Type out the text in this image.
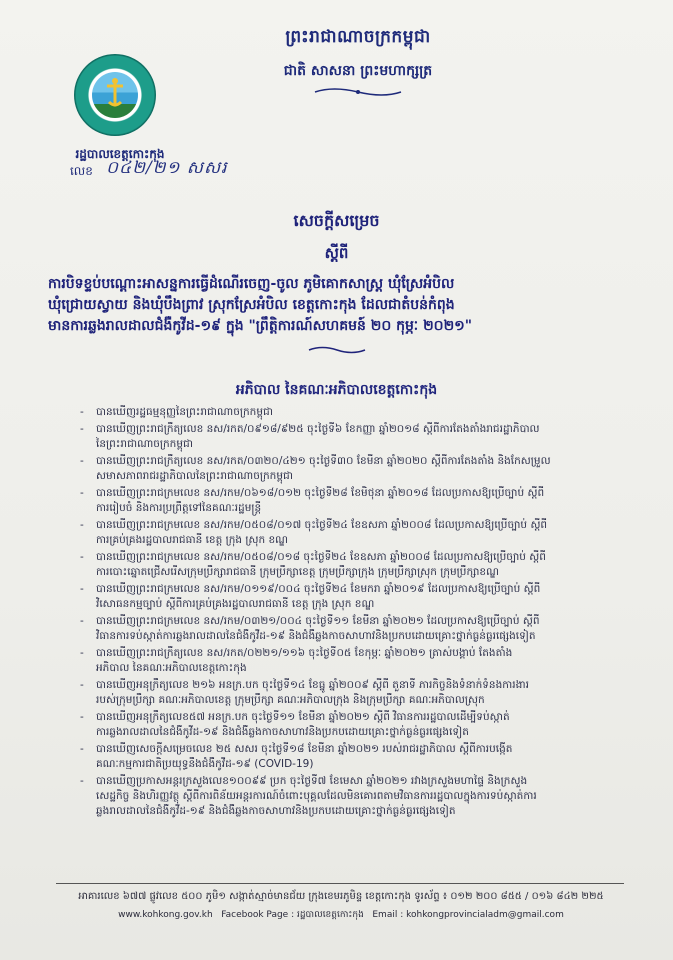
ព្រះរាជាណាចក្រកម្ពុជា
ជាតិ សាសនា ព្រះមហាក្សត្រ
រដ្ឋបាលខេត្តកោះកុង
លេខ ០៤២/២១ សសរ
សេចក្ដីសម្រេច
ស្ដីពី
ការបិទខ្ទប់បណ្ដោះអាសន្នការធ្វើដំណើរចេញ-ចូល ភូមិគោកសាស្ត្រ ឃុំស្រែអំបិល
ឃុំជ្រោយស្វាយ និងឃុំបឹងព្រាវ ស្រុកស្រែអំបិល ខេត្តកោះកុង ដែលជាតំបន់កំពុង
មានការឆ្លងរាលដាលជំងឺកូវីដ-១៩ ក្នុង "ព្រឹត្តិការណ៍សហគមន៍ ២០ កុម្ភៈ ២០២១"
អភិបាល នៃគណៈអភិបាលខេត្តកោះកុង
- បានឃើញរដ្ឋធម្មនុញ្ញនៃព្រះរាជាណាចក្រកម្ពុជា
- បានឃើញព្រះរាជក្រឹត្យលេខ នស/រកត/០៩១៨/៩២៥ ចុះថ្ងៃទី៦ ខែកញ្ញា ឆ្នាំ២០១៨ ស្ដីពីការតែងតាំងរាជរដ្ឋាភិបាល
នៃព្រះរាជាណាចក្រកម្ពុជា
- បានឃើញព្រះរាជក្រឹត្យលេខ នស/រកត/០៣២០/៤២១ ចុះថ្ងៃទី៣០ ខែមីនា ឆ្នាំ២០២០ ស្ដីពីការតែងតាំង និងកែសម្រួល
សមាសភាពរាជរដ្ឋាភិបាលនៃព្រះរាជាណាចក្រកម្ពុជា
- បានឃើញព្រះរាជក្រមលេខ នស/រកម/០៦១៨/០១២ ចុះថ្ងៃទី២៨ ខែមិថុនា ឆ្នាំ២០១៨ ដែលប្រកាសឱ្យប្រើច្បាប់ ស្ដីពី
ការរៀបចំ និងការប្រព្រឹត្តទៅនៃគណៈរដ្ឋមន្ត្រី
- បានឃើញព្រះរាជក្រមលេខ នស/រកម/០៥០៨/០១៧ ចុះថ្ងៃទី២៤ ខែឧសភា ឆ្នាំ២០០៨ ដែលប្រកាសឱ្យប្រើច្បាប់ ស្ដីពី
ការគ្រប់គ្រងរដ្ឋបាលរាជធានី ខេត្ត ក្រុង ស្រុក ខណ្ឌ
- បានឃើញព្រះរាជក្រមលេខ នស/រកម/០៥០៨/០១៨ ចុះថ្ងៃទី២៤ ខែឧសភា ឆ្នាំ២០០៨ ដែលប្រកាសឱ្យប្រើច្បាប់ ស្ដីពី
ការបោះឆ្នោតជ្រើសរើសក្រុមប្រឹក្សារាជធានី ក្រុមប្រឹក្សាខេត្ត ក្រុមប្រឹក្សាក្រុង ក្រុមប្រឹក្សាស្រុក ក្រុមប្រឹក្សាខណ្ឌ
- បានឃើញព្រះរាជក្រមលេខ នស/រកម/០១១៩/០០៤ ចុះថ្ងៃទី២៤ ខែមករា ឆ្នាំ២០១៩ ដែលប្រកាសឱ្យប្រើច្បាប់ ស្ដីពី
វិសោធនកម្មច្បាប់ ស្ដីពីការគ្រប់គ្រងរដ្ឋបាលរាជធានី ខេត្ត ក្រុង ស្រុក ខណ្ឌ
- បានឃើញព្រះរាជក្រមលេខ នស/រកម/០៣២១/០០៤ ចុះថ្ងៃទី១១ ខែមីនា ឆ្នាំ២០២១ ដែលប្រកាសឱ្យប្រើច្បាប់ ស្ដីពី
វិធានការទប់ស្កាត់ការឆ្លងរាលដាលនៃជំងឺកូវីដ-១៩ និងជំងឺឆ្លងកាចសាហាវនិងប្រកបដោយគ្រោះថ្នាក់ធ្ងន់ធ្ងរផ្សេងទៀត
- បានឃើញព្រះរាជក្រឹត្យលេខ នស/រកត/០២២១/១១៦ ចុះថ្ងៃទី០៥ ខែកុម្ភៈ ឆ្នាំ២០២១ ត្រាស់បង្គាប់ តែងតាំង
អភិបាល នៃគណៈអភិបាលខេត្តកោះកុង
- បានឃើញអនុក្រឹត្យលេខ ២១៦ អនក្រ.បក ចុះថ្ងៃទី១៤ ខែធ្នូ ឆ្នាំ២០០៩ ស្ដីពី តួនាទី ភារកិច្ចនិងទំនាក់ទំនងការងារ
របស់ក្រុមប្រឹក្សា គណៈអភិបាលខេត្ត ក្រុមប្រឹក្សា គណៈអភិបាលក្រុង និងក្រុមប្រឹក្សា គណៈអភិបាលស្រុក
- បានឃើញអនុក្រឹត្យលេខ៥៧ អនក្រ.បក ចុះថ្ងៃទី១១ ខែមីនា ឆ្នាំ២០២១ ស្ដីពី វិធានការរដ្ឋបាលដើម្បីទប់ស្កាត់
ការឆ្លងរាលដាលនៃជំងឺកូវីដ-១៩ និងជំងឺឆ្លងកាចសាហាវនិងប្រកបដោយគ្រោះថ្នាក់ធ្ងន់ធ្ងរផ្សេងទៀត
- បានឃើញសេចក្ដីសម្រេចលេខ ២៥ សសរ ចុះថ្ងៃទី១៨ ខែមីនា ឆ្នាំ២០២១ របស់រាជរដ្ឋាភិបាល ស្ដីពីការបង្កើត
គណៈកម្មការជាតិប្រយុទ្ធនឹងជំងឺកូវីដ-១៩ (COVID-19)
- បានឃើញប្រកាសអន្តរក្រសួងលេខ១០០៩៩ ប្រក ចុះថ្ងៃទី៧ ខែមេសា ឆ្នាំ២០២១ រវាងក្រសួងមហាផ្ទៃ និងក្រសួង
សេដ្ឋកិច្ច និងហិរញ្ញវត្ថុ ស្ដីពីការពិន័យអន្តរការណ៍ចំពោះបុគ្គលដែលមិនគោរពតាមវិធានការរដ្ឋបាលក្នុងការទប់ស្កាត់ការ
ឆ្លងរាលដាលនៃជំងឺកូវីដ-១៩ និងជំងឺឆ្លងកាចសាហាវនិងប្រកបដោយគ្រោះថ្នាក់ធ្ងន់ធ្ងរផ្សេងទៀត
អាគារលេខ ៦៧៧ ផ្លូវលេខ ៥០០ ភូមិ១ សង្កាត់ស្មាច់មានជ័យ ក្រុងខេមរភូមិន្ទ ខេត្តកោះកុង ទូរស័ព្ទ ៖ ០១២ ២០០ ៨៥៥ / ០១៦ ៨៤២ ២២៥
www.kohkong.gov.kh Facebook Page : រដ្ឋបាលខេត្តកោះកុង Email : kohkongprovincialadm@gmail.com
